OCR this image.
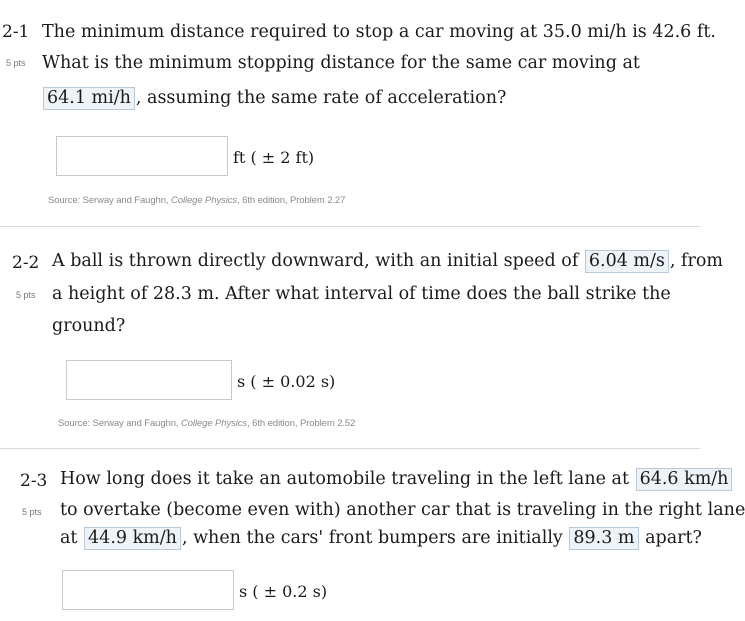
2-1
5 pts
The minimum distance required to stop a car moving at 35.0 mi/h is 42.6 ft.
What is the minimum stopping distance for the same car moving at
64.1 mi/h , assuming the same rate of acceleration?
ft ( ± 2 ft)
Source: Serway and Faughn, College Physics, 6th edition, Problem 2.27
2-2
5 pts
A ball is thrown directly downward, with an initial speed of 6.04 m/s , from
a height of 28.3 m. After what interval of time does the ball strike the
ground?
s ( ± 0.02 s)
Source: Serway and Faughn, College Physics, 6th edition, Problem 2.52
2-3
5 pts
How long does it take an automobile traveling in the left lane at 64.6 km/h
to overtake (become even with) another car that is traveling in the right lane
at 44.9 km/h , when the cars' front bumpers are initially 89.3 m apart?
s ( ± 0.2 s)
